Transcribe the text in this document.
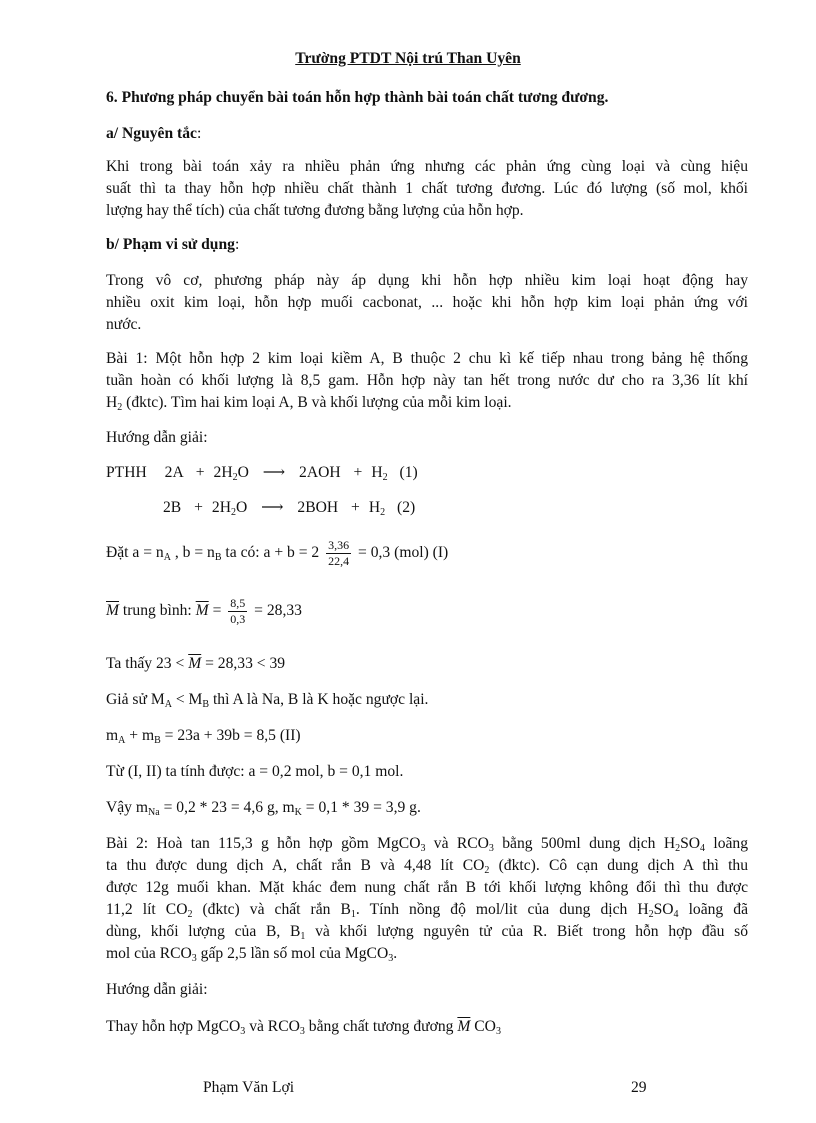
Trường PTDT Nội trú Than Uyên
6. Phương pháp chuyển bài toán hỗn hợp thành bài toán chất tương đương.
a/ Nguyên tắc:
Khi trong bài toán xảy ra nhiều phản ứng nhưng các phản ứng cùng loại và cùng hiệu
suất thì ta thay hỗn hợp nhiều chất thành 1 chất tương đương. Lúc đó lượng (số mol, khối
lượng hay thể tích) của chất tương đương bằng lượng của hỗn hợp.
b/ Phạm vi sử dụng:
Trong vô cơ, phương pháp này áp dụng khi hỗn hợp nhiều kim loại hoạt động hay
nhiều oxit kim loại, hỗn hợp muối cacbonat, ... hoặc khi hỗn hợp kim loại phản ứng với
nước.
Bài 1: Một hỗn hợp 2 kim loại kiềm A, B thuộc 2 chu kì kế tiếp nhau trong bảng hệ thống
tuần hoàn có khối lượng là 8,5 gam. Hỗn hợp này tan hết trong nước dư cho ra 3,36 lít khí
$H_2$ (đktc). Tìm hai kim loại A, B và khối lượng của mỗi kim loại.
Hướng dẫn giải:
PTHH $2A + 2H_2O$ ⟶ $2AOH + H_2$ (1)
$2B + 2H_2O$ ⟶ $2BOH + H_2$ (2)
Đặt $a = n_A$ , $b = n_B$ ta có: $a + b = 2 \frac{3,36}{22,4} = 0,3$ (mol) (I)
$\overline{M}$ trung bình: $\overline{M} = \frac{8,5}{0,3} = 28,33$
Ta thấy $23 < \overline{M} = 28,33 < 39$
Giả sử $M_A < M_B$ thì A là Na, B là K hoặc ngược lại.
$m_A + m_B = 23a + 39b = 8,5$ (II)
Từ (I, II) ta tính được: a = 0,2 mol, b = 0,1 mol.
Vậy $m_{Na} = 0,2 * 23 = 4,6$ g, $m_K = 0,1 * 39 = 3,9$ g.
Bài 2: Hoà tan 115,3 g hỗn hợp gồm MgCO$_3$ và $RCO_3$ bằng 500ml dung dịch $H_2SO_4$ loãng
ta thu được dung dịch A, chất rắn B và 4,48 lít $CO_2$ (đktc). Cô cạn dung dịch A thì thu
được 12g muối khan. Mặt khác đem nung chất rắn B tới khối lượng không đổi thì thu được
11,2 lít $CO_2$ (đktc) và chất rắn $B_1$. Tính nồng độ mol/lit của dung dịch $H_2SO_4$ loãng đã
dùng, khối lượng của B, $B_1$ và khối lượng nguyên tử của R. Biết trong hỗn hợp đầu số
mol của $RCO_3$ gấp 2,5 lần số mol của MgCO$_3$.
Hướng dẫn giải:
Thay hỗn hợp MgCO$_3$ và $RCO_3$ bằng chất tương đương $\overline{M}$ $CO_3$
Phạm Văn Lợi	29
